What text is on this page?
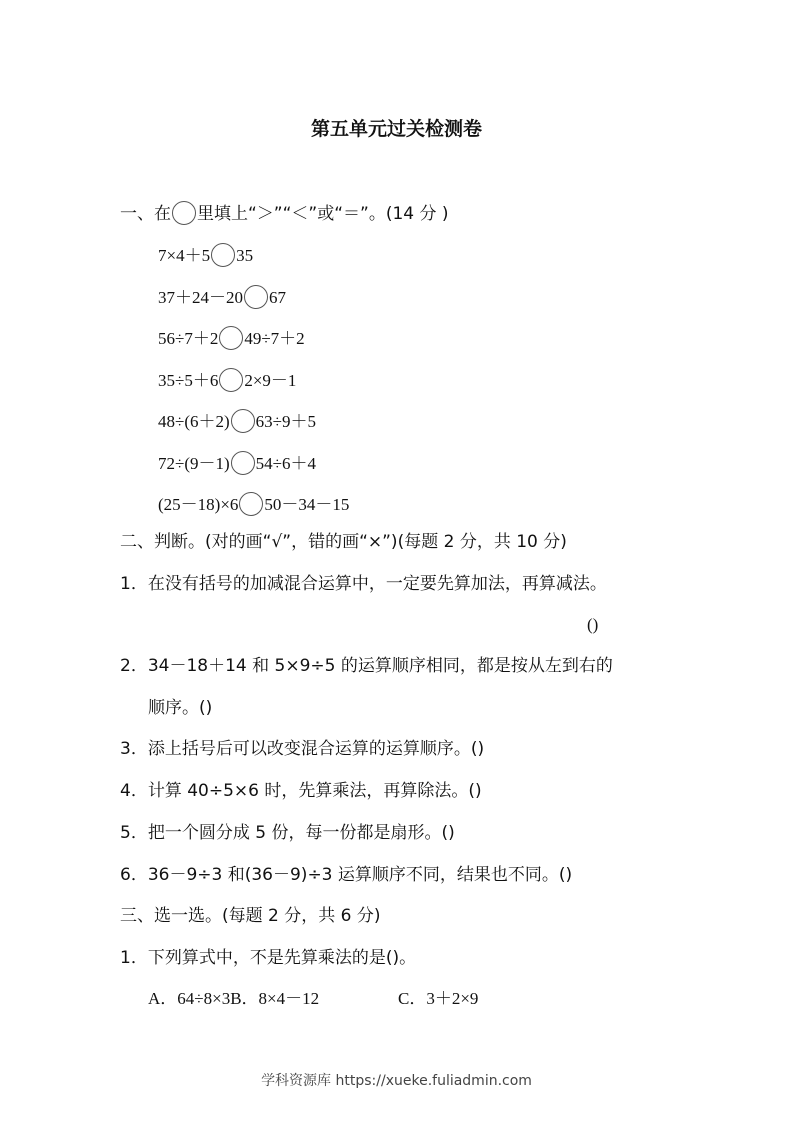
第五单元过关检测卷
一、在 里填上“＞”“＜”或“＝”。(14 分 )
7×4＋5 35
37＋24－20 67
56÷7＋2 49÷7＋2
35÷5＋6 2×9－1
48÷(6＋2) 63÷9＋5
72÷(9－1) 54÷6＋4
(25－18)×6 50－34－15
二、判断。(对的画“√”，错的画“×”)(每题 2 分，共 10 分)
1．在没有括号的加减混合运算中，一定要先算加法，再算减法。
()
2．34－18＋14 和 5×9÷5 的运算顺序相同，都是按从左到右的
顺序。()
3．添上括号后可以改变混合运算的运算顺序。()
4．计算 40÷5×6 时，先算乘法，再算除法。()
5．把一个圆分成 5 份，每一份都是扇形。()
6．36－9÷3 和(36－9)÷3 运算顺序不同，结果也不同。()
三、选一选。(每题 2 分，共 6 分)
1．下列算式中，不是先算乘法的是()。
A．64÷8×3B．8×4－12	C．3＋2×9
学科资源库 https://xueke.fuliadmin.com
